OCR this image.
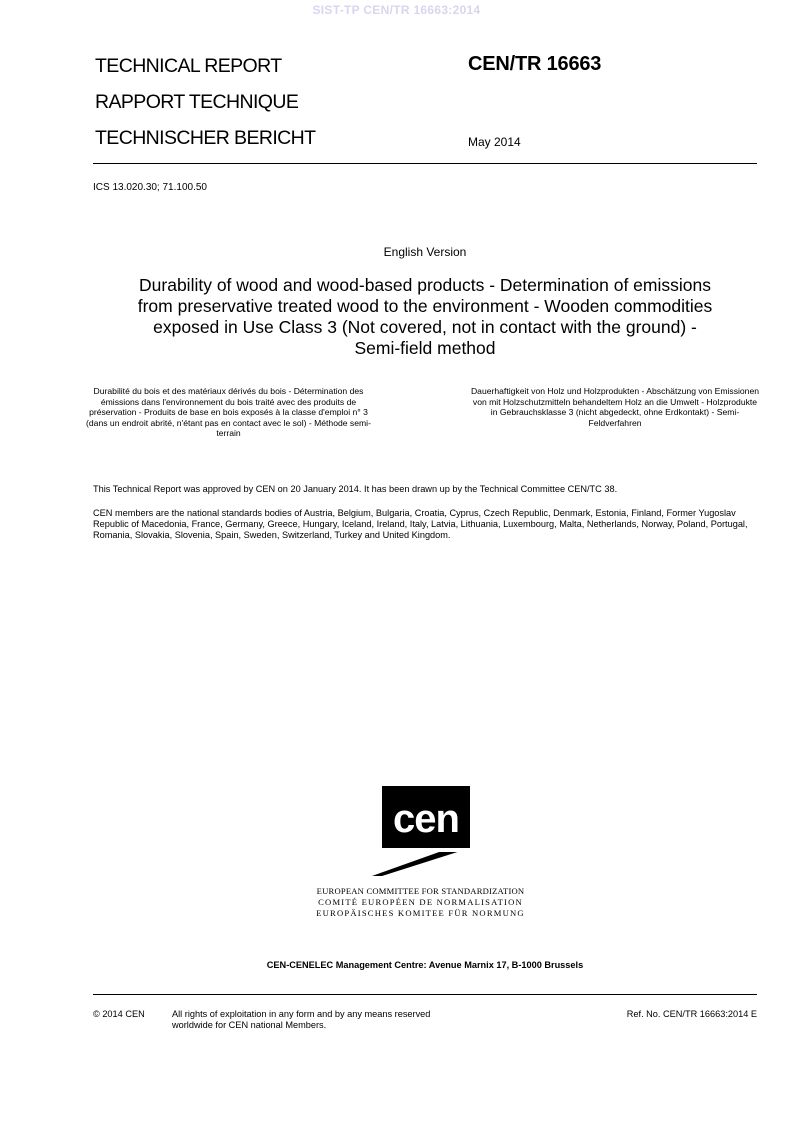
SIST-TP CEN/TR 16663:2014
TECHNICAL REPORT
RAPPORT TECHNIQUE
TECHNISCHER BERICHT
CEN/TR 16663
May 2014
ICS 13.020.30; 71.100.50
English Version
Durability of wood and wood-based products - Determination of emissions from preservative treated wood to the environment - Wooden commodities exposed in Use Class 3 (Not covered, not in contact with the ground) - Semi-field method
Durabilité du bois et des matériaux dérivés du bois - Détermination des émissions dans l'environnement du bois traité avec des produits de préservation - Produits de base en bois exposés à la classe d'emploi n° 3 (dans un endroit abrité, n'étant pas en contact avec le sol) - Méthode semi-terrain
Dauerhaftigkeit von Holz und Holzprodukten - Abschätzung von Emissionen von mit Holzschutzmitteln behandeltem Holz an die Umwelt - Holzprodukte in Gebrauchsklasse 3 (nicht abgedeckt, ohne Erdkontakt) - Semi-Feldverfahren
This Technical Report was approved by CEN on 20 January 2014. It has been drawn up by the Technical Committee CEN/TC 38.
CEN members are the national standards bodies of Austria, Belgium, Bulgaria, Croatia, Cyprus, Czech Republic, Denmark, Estonia, Finland, Former Yugoslav Republic of Macedonia, France, Germany, Greece, Hungary, Iceland, Ireland, Italy, Latvia, Lithuania, Luxembourg, Malta, Netherlands, Norway, Poland, Portugal, Romania, Slovakia, Slovenia, Spain, Sweden, Switzerland, Turkey and United Kingdom.
cen
EUROPEAN COMMITTEE FOR STANDARDIZATION
COMITÉ EUROPÉEN DE NORMALISATION
EUROPÄISCHES KOMITEE FÜR NORMUNG
CEN-CENELEC Management Centre: Avenue Marnix 17, B-1000 Brussels
© 2014 CEN	All rights of exploitation in any form and by any means reserved
worldwide for CEN national Members.
Ref. No. CEN/TR 16663:2014 E
